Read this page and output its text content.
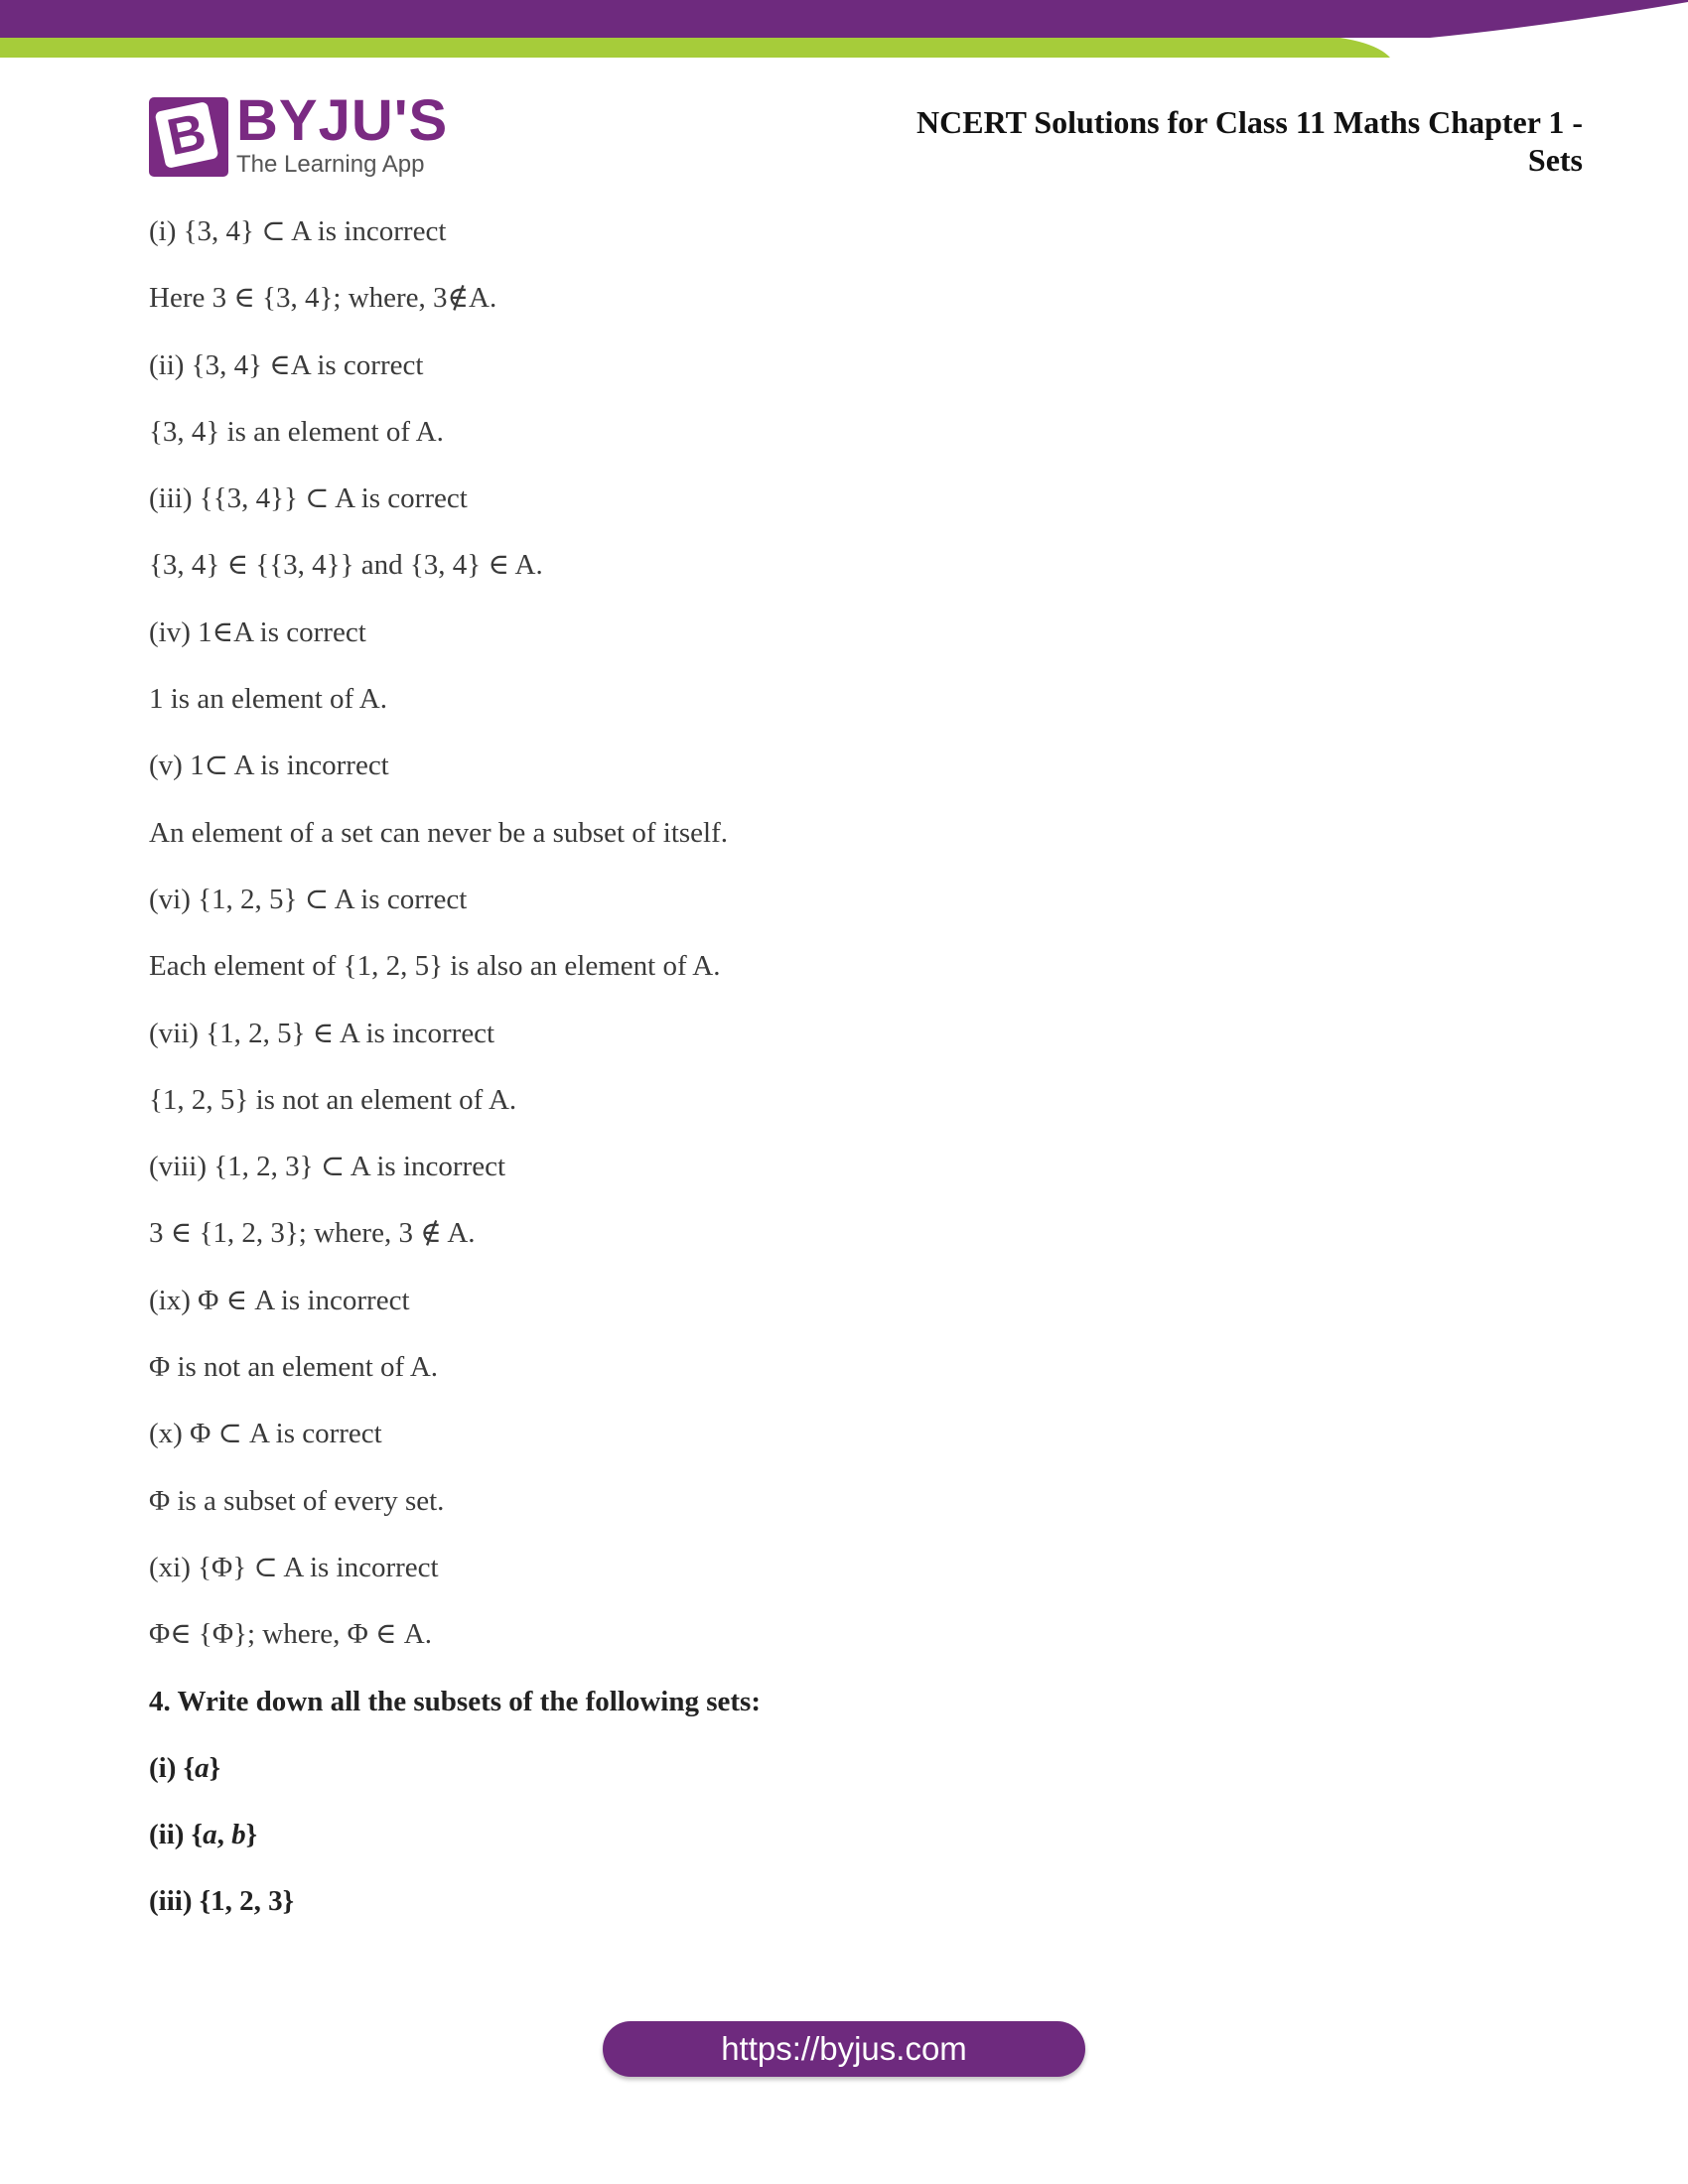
B BYJU'S
The Learning App
NCERT Solutions for Class 11 Maths Chapter 1 -
Sets
(i) {3, 4} ⊂ A is incorrect
Here 3 ∈ {3, 4}; where, 3∉A.
(ii) {3, 4} ∈A is correct
{3, 4} is an element of A.
(iii) {{3, 4}} ⊂ A is correct
{3, 4} ∈ {{3, 4}} and {3, 4} ∈ A.
(iv) 1∈A is correct
1 is an element of A.
(v) 1⊂ A is incorrect
An element of a set can never be a subset of itself.
(vi) {1, 2, 5} ⊂ A is correct
Each element of {1, 2, 5} is also an element of A.
(vii) {1, 2, 5} ∈ A is incorrect
{1, 2, 5} is not an element of A.
(viii) {1, 2, 3} ⊂ A is incorrect
3 ∈ {1, 2, 3}; where, 3 ∉ A.
(ix) Φ ∈ A is incorrect
Φ is not an element of A.
(x) Φ ⊂ A is correct
Φ is a subset of every set.
(xi) {Φ} ⊂ A is incorrect
Φ∈ {Φ}; where, Φ ∈ A.
4. Write down all the subsets of the following sets:
(i) {a}
(ii) {a, b}
(iii) {1, 2, 3}
https://byjus.com
